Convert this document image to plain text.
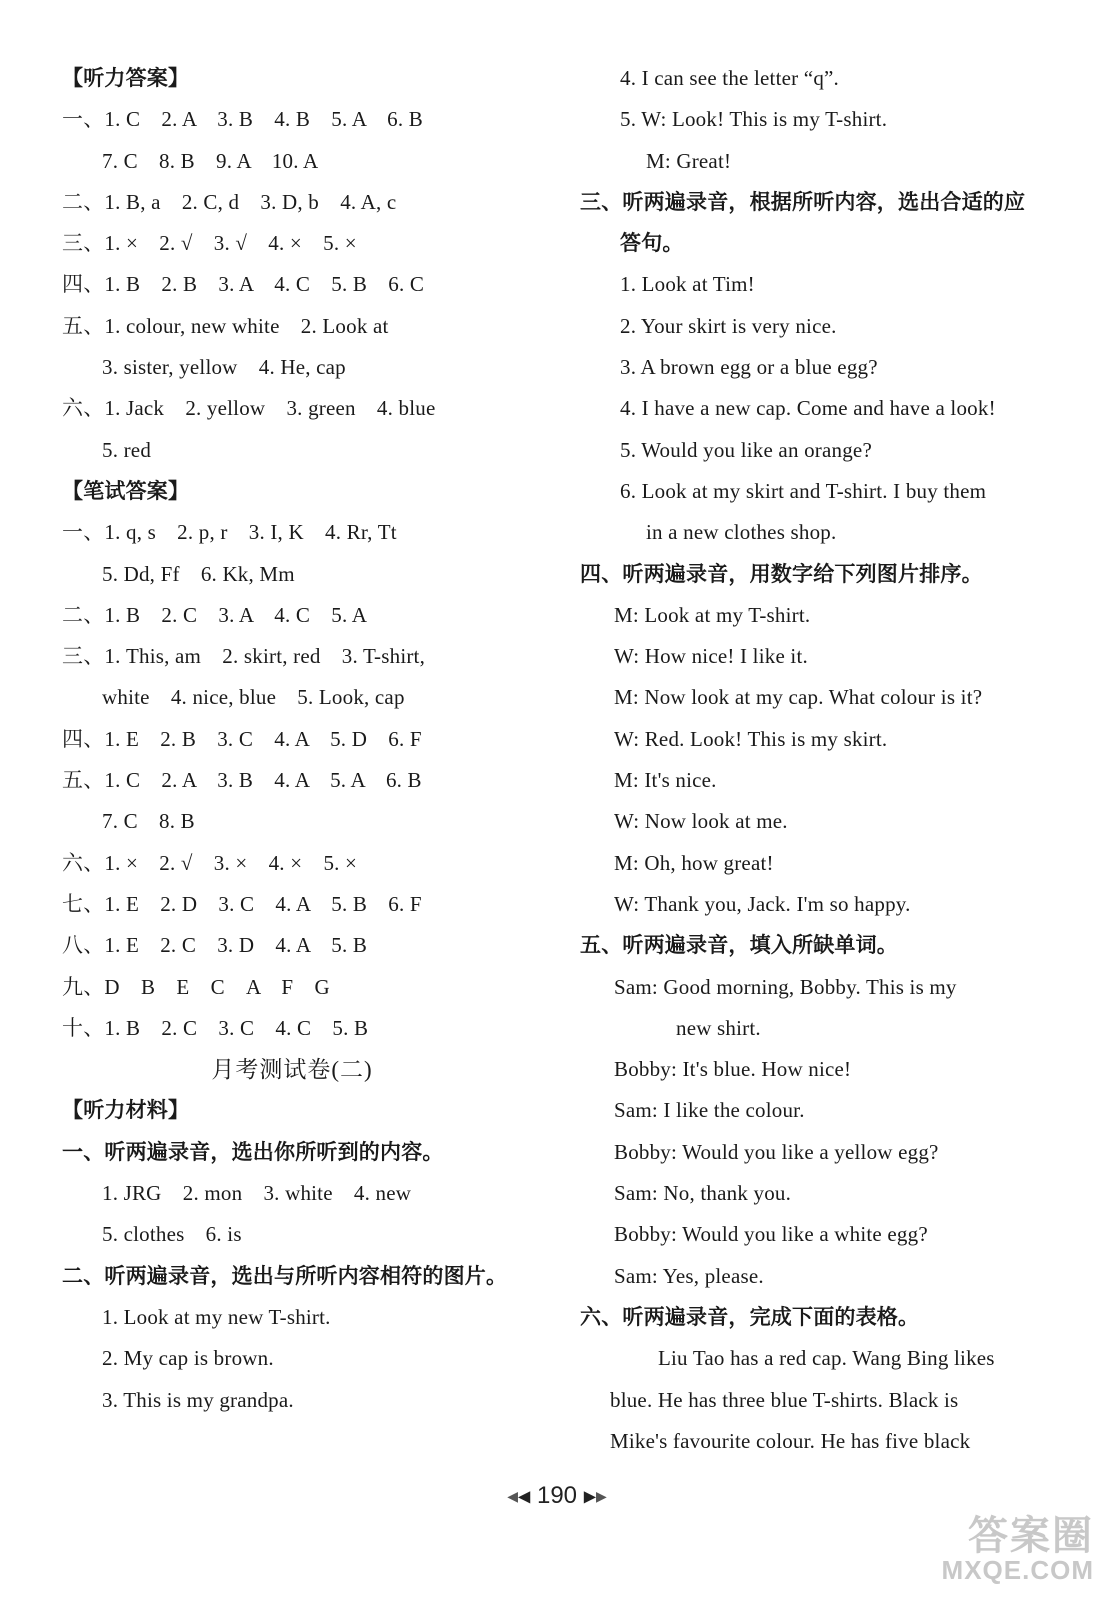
【听力答案】
一、1. C　2. A　3. B　4. B　5. A　6. B
7. C　8. B　9. A　10. A
二、1. B, a　2. C, d　3. D, b　4. A, c
三、1. ×　2. √　3. √　4. ×　5. ×
四、1. B　2. B　3. A　4. C　5. B　6. C
五、1. colour, new white　2. Look at
3. sister, yellow　4. He, cap
六、1. Jack　2. yellow　3. green　4. blue
5. red
【笔试答案】
一、1. q, s　2. p, r　3. I, K　4. Rr, Tt
5. Dd, Ff　6. Kk, Mm
二、1. B　2. C　3. A　4. C　5. A
三、1. This, am　2. skirt, red　3. T-shirt,
white　4. nice, blue　5. Look, cap
四、1. E　2. B　3. C　4. A　5. D　6. F
五、1. C　2. A　3. B　4. A　5. A　6. B
7. C　8. B
六、1. ×　2. √　3. ×　4. ×　5. ×
七、1. E　2. D　3. C　4. A　5. B　6. F
八、1. E　2. C　3. D　4. A　5. B
九、D　B　E　C　A　F　G
十、1. B　2. C　3. C　4. C　5. B
月考测试卷(二)
【听力材料】
一、听两遍录音，选出你所听到的内容。
1. JRG　2. mon　3. white　4. new
5. clothes　6. is
二、听两遍录音，选出与所听内容相符的图片。
1. Look at my new T-shirt.
2. My cap is brown.
3. This is my grandpa.
4. I can see the letter “q”.
5. W: Look! This is my T-shirt.
M: Great!
三、听两遍录音，根据所听内容，选出合适的应
答句。
1. Look at Tim!
2. Your skirt is very nice.
3. A brown egg or a blue egg?
4. I have a new cap. Come and have a look!
5. Would you like an orange?
6. Look at my skirt and T-shirt. I buy them
in a new clothes shop.
四、听两遍录音，用数字给下列图片排序。
M: Look at my T-shirt.
W: How nice! I like it.
M: Now look at my cap. What colour is it?
W: Red. Look! This is my skirt.
M: It's nice.
W: Now look at me.
M: Oh, how great!
W: Thank you, Jack. I'm so happy.
五、听两遍录音，填入所缺单词。
Sam: Good morning, Bobby. This is my
new shirt.
Bobby: It's blue. How nice!
Sam: I like the colour.
Bobby: Would you like a yellow egg?
Sam: No, thank you.
Bobby: Would you like a white egg?
Sam: Yes, please.
六、听两遍录音，完成下面的表格。
Liu Tao has a red cap. Wang Bing likes
blue. He has three blue T-shirts. Black is
Mike's favourite colour. He has five black
◀◀ 190 ▶▶
答案圈
MXQE.COM
